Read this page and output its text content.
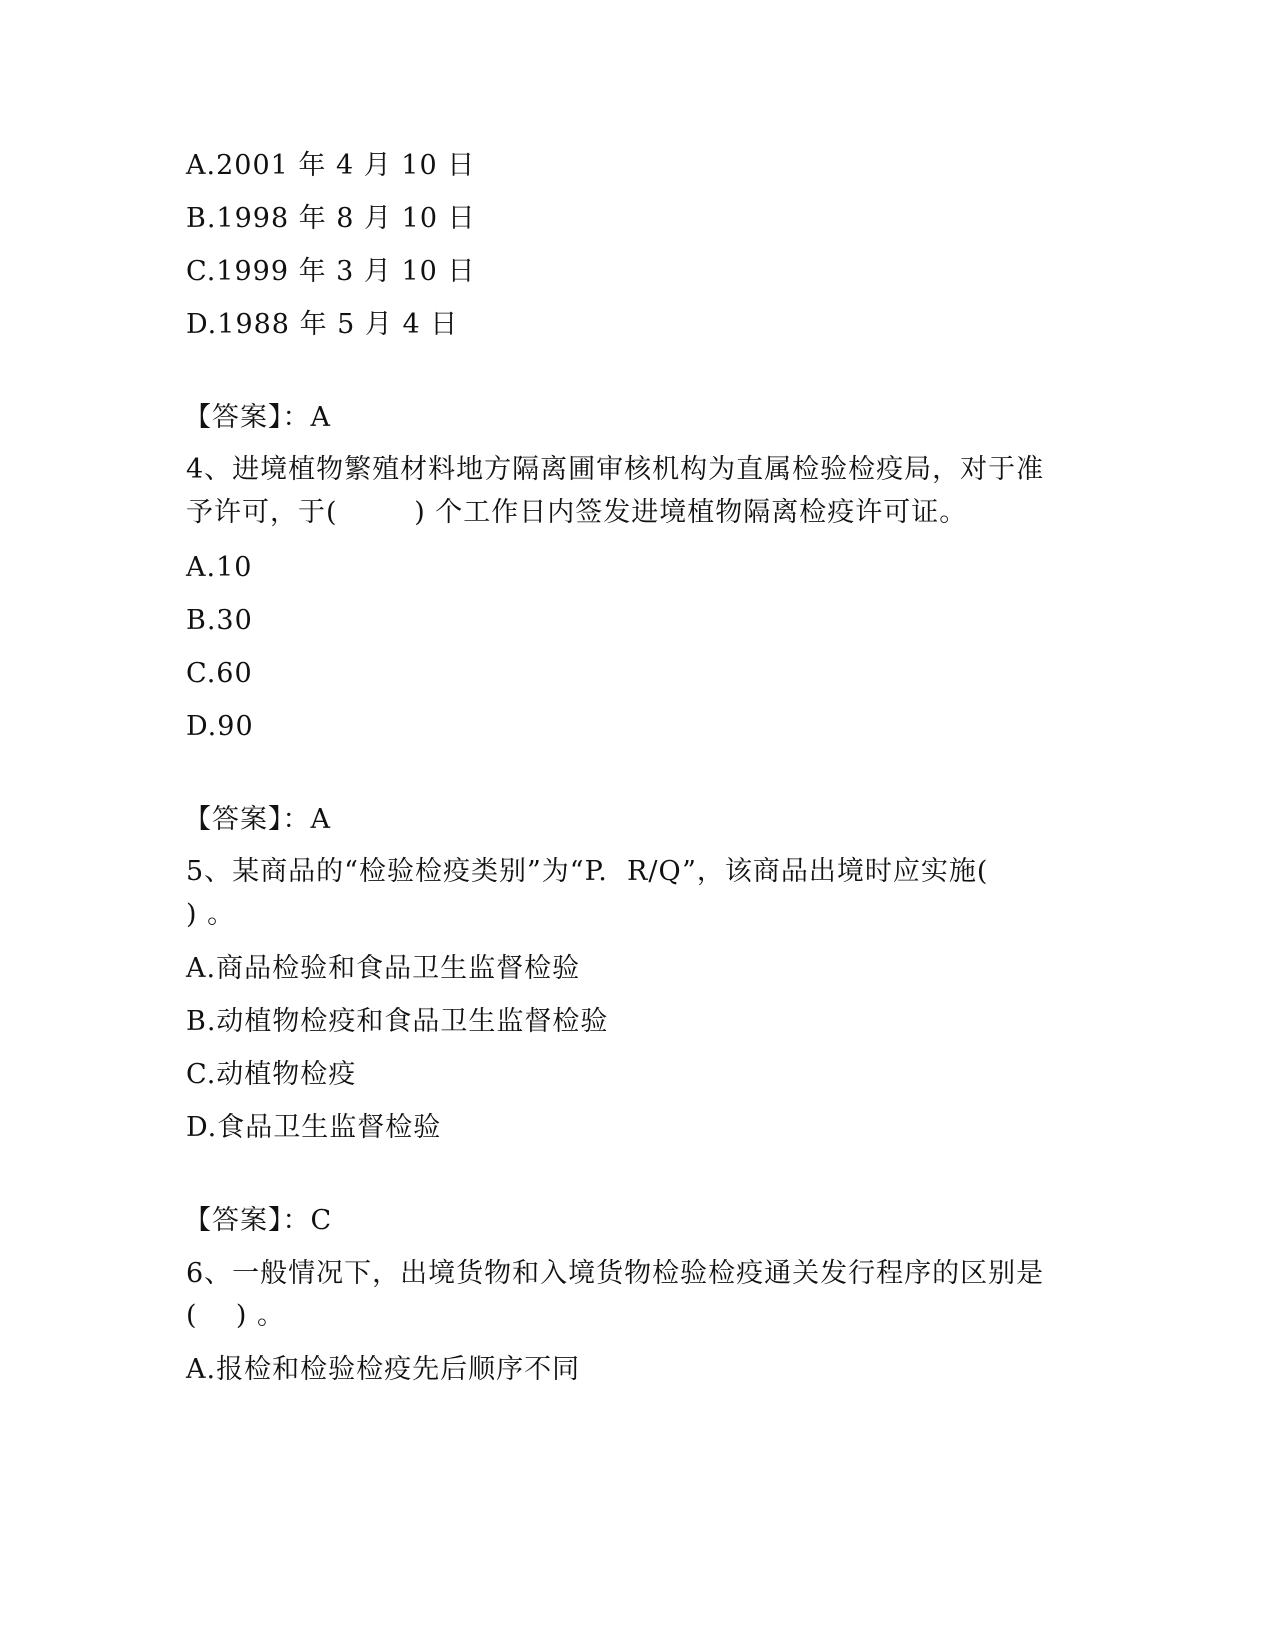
A.2001 年 4 月 10 日
B.1998 年 8 月 10 日
C.1999 年 3 月 10 日
D.1988 年 5 月 4 日
【答案】：A
4、进境植物繁殖材料地方隔离圃审核机构为直属检验检疫局，对于准
予许可，于(        ) 个工作日内签发进境植物隔离检疫许可证。
A.10
B.30
C.60
D.90
【答案】：A
5、某商品的“检验检疫类别”为“P.  R/Q”，该商品出境时应实施(
) 。
A.商品检验和食品卫生监督检验
B.动植物检疫和食品卫生监督检验
C.动植物检疫
D.食品卫生监督检验
【答案】：C
6、一般情况下，出境货物和入境货物检验检疫通关发行程序的区别是
(    ) 。
A.报检和检验检疫先后顺序不同
